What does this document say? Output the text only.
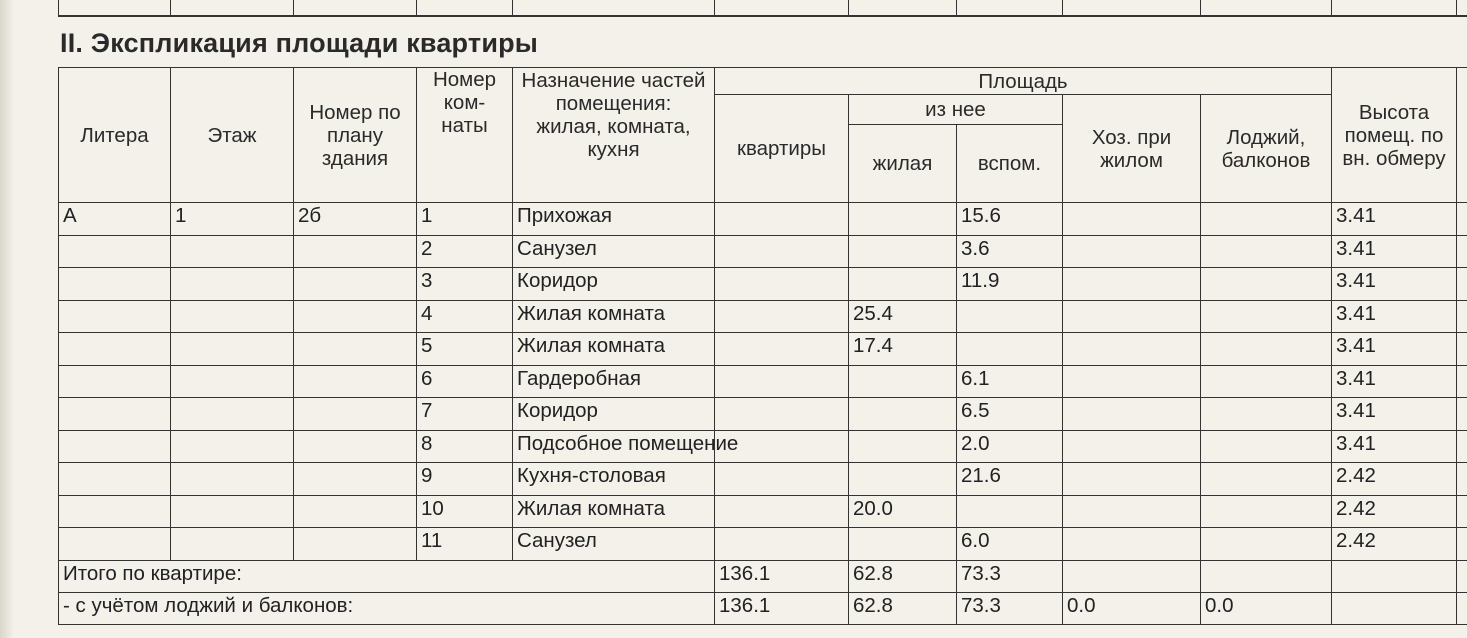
II. Экспликация площади квартиры
Литера	Этаж	Номер по плану здания	Номер ком- наты	Назначение частей помещения: жилая, комната, кухня	Площадь					Высота помещ. по вн. обмеру	
					квартиры	из нее		Хоз. при жилом	Лоджий, балконов		
						жилая	вспом.				
А	1	2б	1	Прихожая			15.6			3.41	
			2	Санузел			3.6			3.41	
			3	Коридор			11.9			3.41	
			4	Жилая комната		25.4				3.41	
			5	Жилая комната		17.4				3.41	
			6	Гардеробная			6.1			3.41	
			7	Коридор			6.5			3.41	
			8	Подсобное помещение			2.0			3.41	
			9	Кухня-столовая			21.6			2.42	
			10	Жилая комната		20.0				2.42	
			11	Санузел			6.0			2.42	
Итого по квартире:					136.1	62.8	73.3				
- с учётом лоджий и балконов:					136.1	62.8	73.3	0.0	0.0		
